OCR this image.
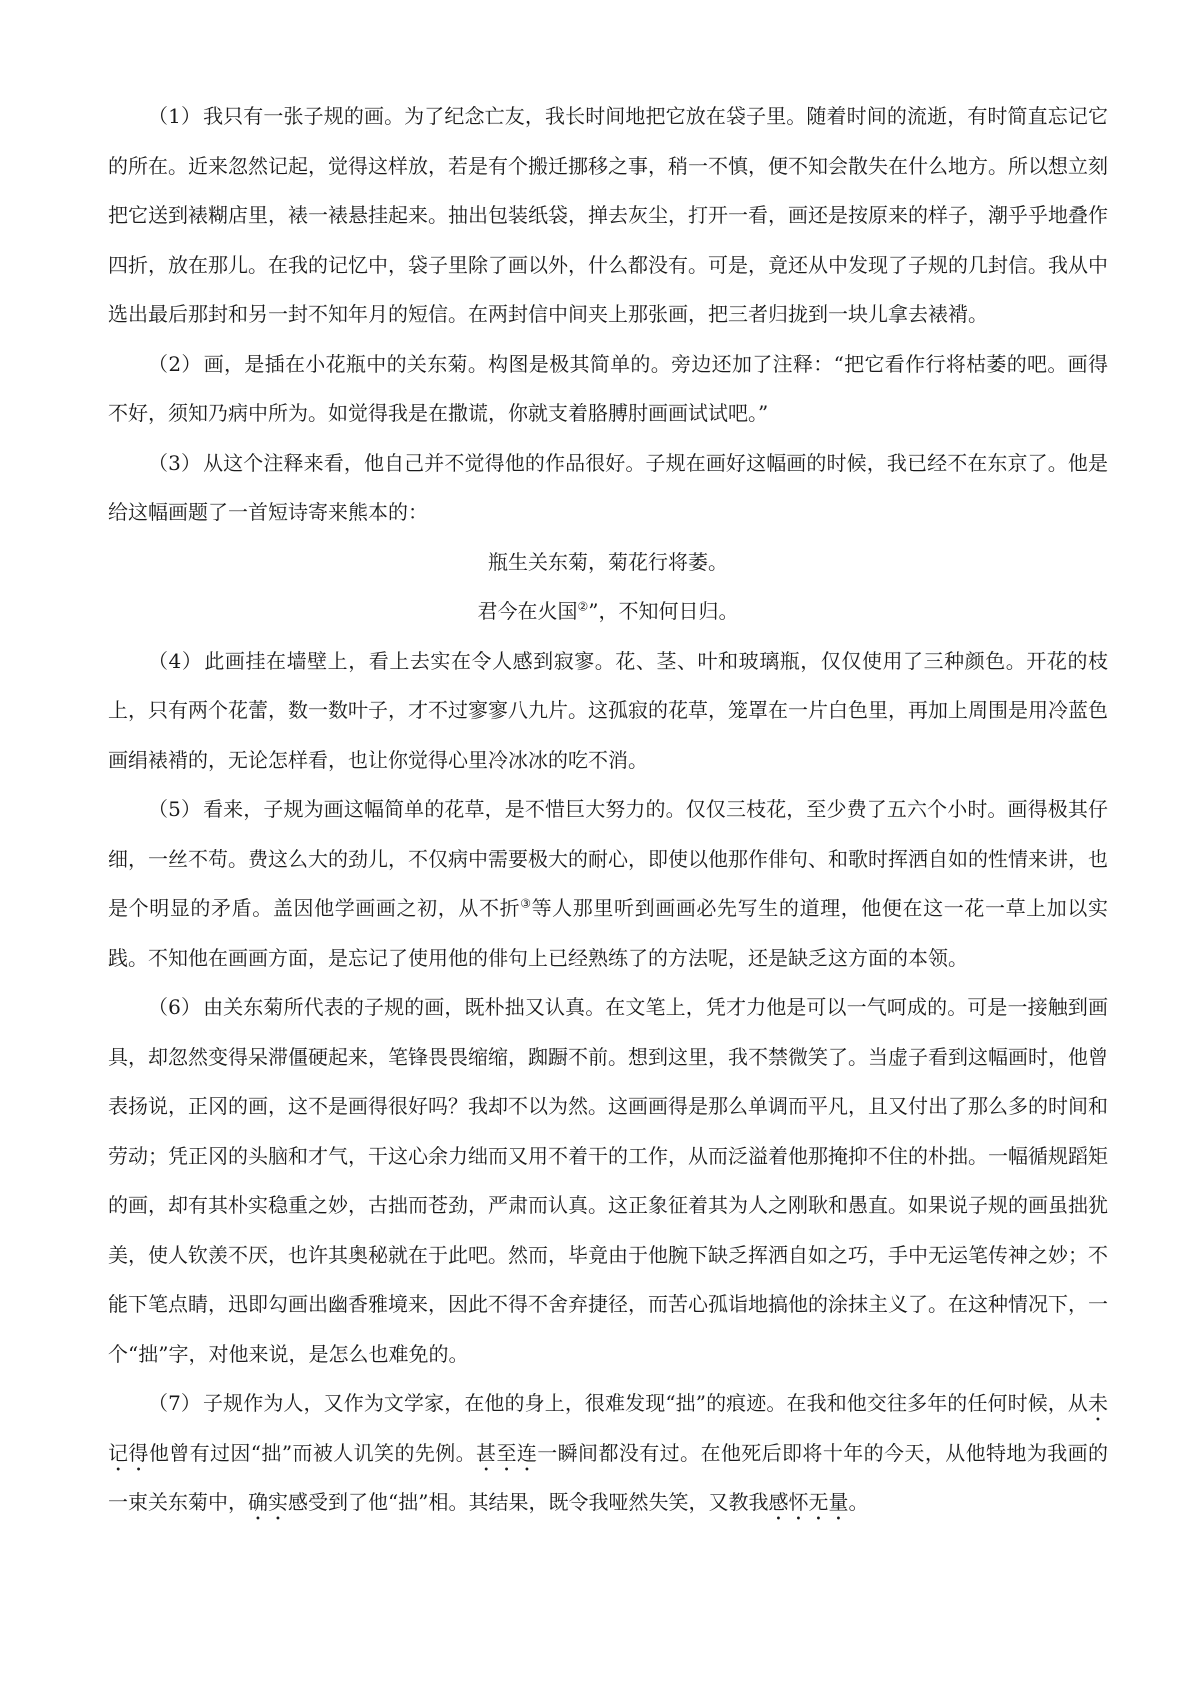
（1） 我只有一张子规的画。为了纪念亡友，我长时间地把它放在袋子里。随着时间的流逝，有时简直忘记它的所在。近来忽然记起，觉得这样放，若是有个搬迁挪移之事，稍一不慎，便不知会散失在什么地方。所以想立刻把它送到裱糊店里，裱一裱悬挂起来。抽出包装纸袋，掸去灰尘，打开一看，画还是按原来的样子，潮乎乎地叠作四折，放在那儿。在我的记忆中，袋子里除了画以外，什么都没有。可是，竟还从中发现了子规的几封信。我从中选出最后那封和另一封不知年月的短信。在两封信中间夹上那张画，把三者归拢到一块儿拿去裱褙。

（2） 画，是插在小花瓶中的关东菊。构图是极其简单的。旁边还加了注释：“把它看作行将枯萎的吧。画得不好，须知乃病中所为。如觉得我是在撒谎，你就支着胳膊肘画画试试吧。”

（3） 从这个注释来看，他自己并不觉得他的作品很好。子规在画好这幅画的时候，我已经不在东京了。他是给这幅画题了一首短诗寄来熊本的：

瓶生关东菊，菊花行将萎。

君今在火国②”，不知何日归。

（4） 此画挂在墙壁上，看上去实在令人感到寂寥。花、茎、叶和玻璃瓶，仅仅使用了三种颜色。开花的枝上，只有两个花蕾，数一数叶子，才不过寥寥八九片。这孤寂的花草，笼罩在一片白色里，再加上周围是用冷蓝色画绢裱褙的，无论怎样看，也让你觉得心里冷冰冰的吃不消。

（5） 看来，子规为画这幅简单的花草，是不惜巨大努力的。仅仅三枝花，至少费了五六个小时。画得极其仔细，一丝不苟。费这么大的劲儿，不仅病中需要极大的耐心，即使以他那作俳句、和歌时挥洒自如的性情来讲，也是个明显的矛盾。盖因他学画画之初，从不折③等人那里听到画画必先写生的道理，他便在这一花一草上加以实践。不知他在画画方面，是忘记了使用他的俳句上已经熟练了的方法呢，还是缺乏这方面的本领。

（6） 由关东菊所代表的子规的画，既朴拙又认真。在文笔上，凭才力他是可以一气呵成的。可是一接触到画具，却忽然变得呆滞僵硬起来，笔锋畏畏缩缩，踟蹰不前。想到这里，我不禁微笑了。当虚子看到这幅画时，他曾表扬说，正冈的画，这不是画得很好吗？我却不以为然。这画画得是那么单调而平凡，且又付出了那么多的时间和劳动；凭正冈的头脑和才气，干这心余力绌而又用不着干的工作，从而泛溢着他那掩抑不住的朴拙。一幅循规蹈矩的画，却有其朴实稳重之妙，古拙而苍劲，严肃而认真。这正象征着其为人之刚耿和愚直。如果说子规的画虽拙犹美，使人钦羡不厌，也许其奥秘就在于此吧。然而，毕竟由于他腕下缺乏挥洒自如之巧，手中无运笔传神之妙；不能下笔点睛，迅即勾画出幽香雅境来，因此不得不舍弃捷径，而苦心孤诣地搞他的涂抹主义了。在这种情况下，一个“拙”字，对他来说，是怎么也难免的。

（7） 子规作为人，又作为文学家，在他的身上，很难发现“拙”的痕迹。在我和他交往多年的任何时候，从未记得他曾有过因“拙”而被人讥笑的先例。甚至连一瞬间都没有过。在他死后即将十年的今天，从他特地为我画的一束关东菊中，确实感受到了他“拙”相。其结果，既令我哑然失笑，又教我感怀无量。
